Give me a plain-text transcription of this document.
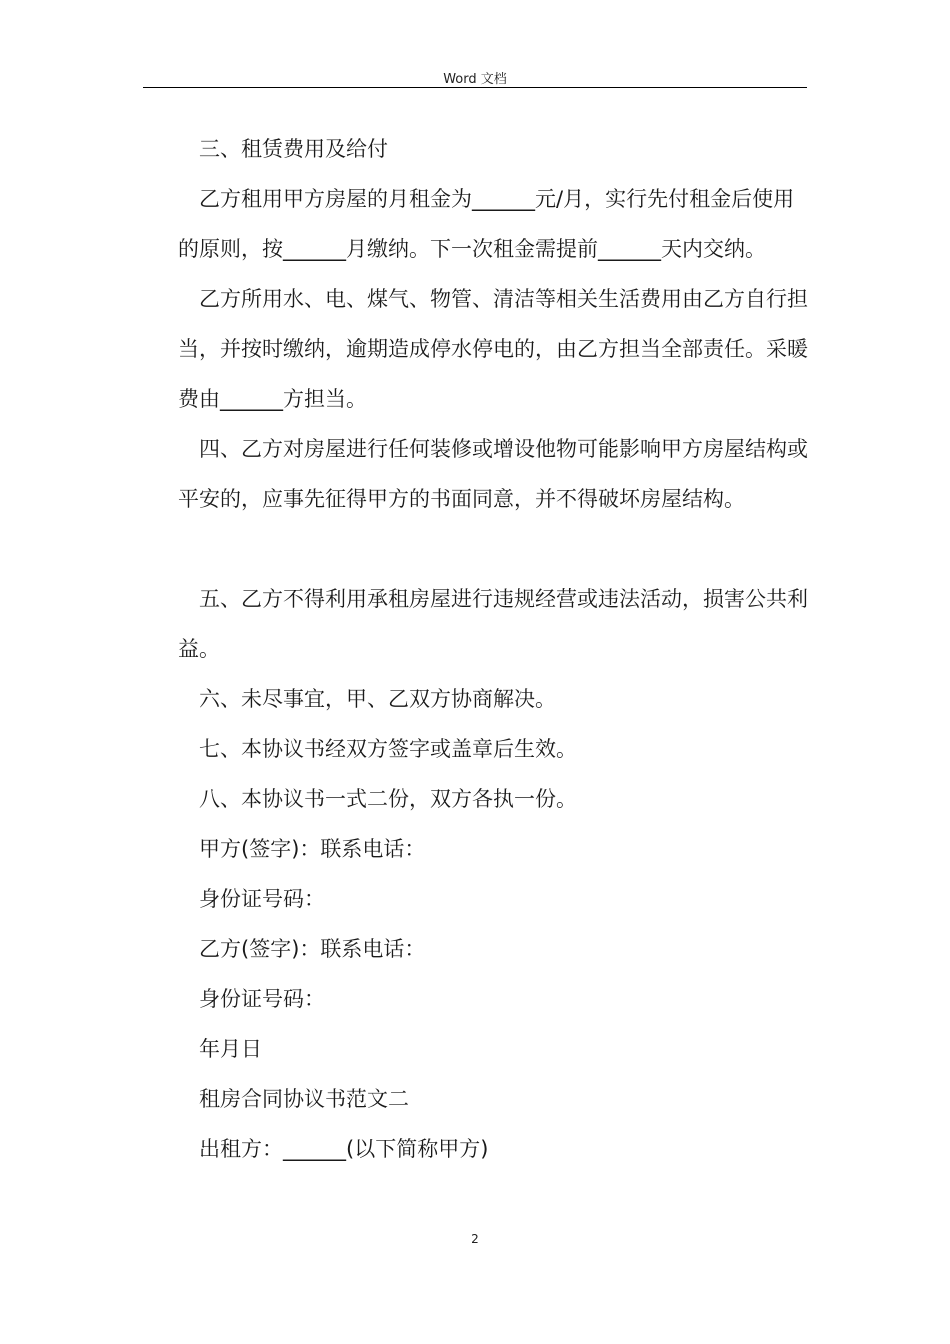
Word 文档

三、租赁费用及给付

乙方租用甲方房屋的月租金为______元/月，实行先付租金后使用的原则，按______月缴纳。下一次租金需提前______天内交纳。

乙方所用水、电、煤气、物管、清洁等相关生活费用由乙方自行担当，并按时缴纳，逾期造成停水停电的，由乙方担当全部责任。采暖费由______方担当。

四、乙方对房屋进行任何装修或增设他物可能影响甲方房屋结构或平安的，应事先征得甲方的书面同意，并不得破坏房屋结构。

五、乙方不得利用承租房屋进行违规经营或违法活动，损害公共利益。

六、未尽事宜，甲、乙双方协商解决。

七、本协议书经双方签字或盖章后生效。

八、本协议书一式二份，双方各执一份。

甲方(签字)：联系电话：

身份证号码：

乙方(签字)：联系电话：

身份证号码：

年月日

租房合同协议书范文二

出租方：______(以下简称甲方)

2
